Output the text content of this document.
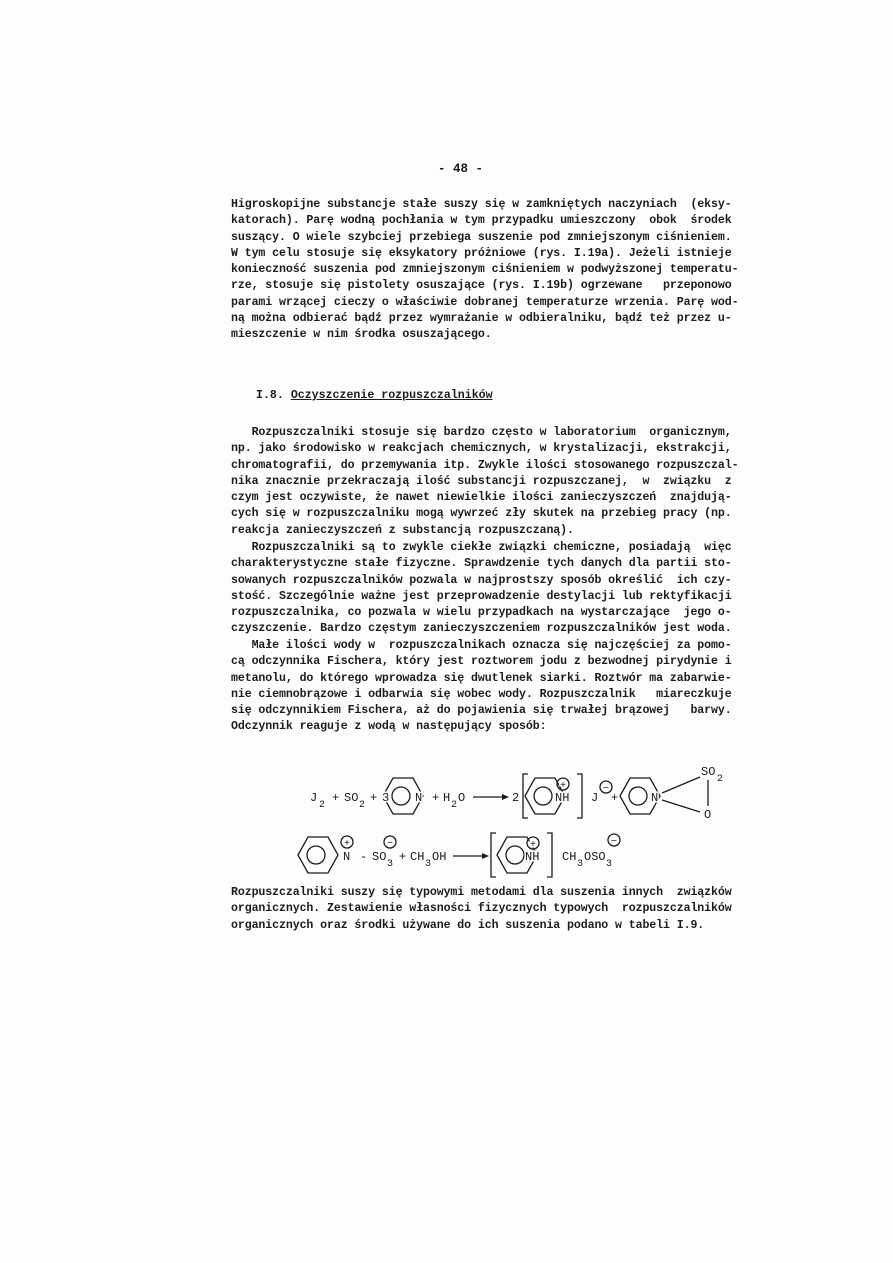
- 48 -
Higroskopijne substancje stałe suszy się w zamkniętych naczyniach  (eksy-
katorach). Parę wodną pochłania w tym przypadku umieszczony  obok  środek
suszący. O wiele szybciej przebiega suszenie pod zmniejszonym ciśnieniem.
W tym celu stosuje się eksykatory próżniowe (rys. I.19a). Jeżeli istnieje
konieczność suszenia pod zmniejszonym ciśnieniem w podwyższonej temperatu-
rze, stosuje się pistolety osuszające (rys. I.19b) ogrzewane   przeponowo
parami wrzącej cieczy o właściwie dobranej temperaturze wrzenia. Parę wod-
ną można odbierać bądź przez wymrażanie w odbieralniku, bądź też przez u-
mieszczenie w nim środka osuszającego.
I.8. Oczyszczenie rozpuszczalników
Rozpuszczalniki stosuje się bardzo często w laboratorium  organicznym,
np. jako środowisko w reakcjach chemicznych, w krystalizacji, ekstrakcji,
chromatografii, do przemywania itp. Zwykle ilości stosowanego rozpuszczal-
nika znacznie przekraczają ilość substancji rozpuszczanej,  w  związku  z
czym jest oczywiste, że nawet niewielkie ilości zanieczyszczeń  znajdują-
cych się w rozpuszczalniku mogą wywrzeć zły skutek na przebieg pracy (np.
reakcja zanieczyszczeń z substancją rozpuszczaną).
Rozpuszczalniki są to zwykle ciekłe związki chemiczne, posiadają  więc
charakterystyczne stałe fizyczne. Sprawdzenie tych danych dla partii sto-
sowanych rozpuszczalników pozwala w najprostszy sposób określić  ich czy-
stość. Szczególnie ważne jest przeprowadzenie destylacji lub rektyfikacji
rozpuszczalnika, co pozwala w wielu przypadkach na wystarczające  jego o-
czyszczenie. Bardzo częstym zanieczyszczeniem rozpuszczalników jest woda.
Małe ilości wody w  rozpuszczalnikach oznacza się najczęściej za pomo-
cą odczynnika Fischera, który jest roztworem jodu z bezwodnej pirydynie i
metanolu, do którego wprowadza się dwutlenek siarki. Roztwór ma zabarwie-
nie ciemnobrązowe i odbarwia się wobec wody. Rozpuszczalnik   miareczkuje
się odczynnikiem Fischera, aż do pojawienia się trwałej brązowej   barwy.
Odczynnik reaguje z wodą w następujący sposób:
J
2
+ SO
2
+ 3 N + H
2
O	2	NH
+
J
−
+	N
SO
2
O
N
+
- SO
3
−
+ CH
3
OH	NH
+
CH
3
OSO
3
−
Rozpuszczalniki suszy się typowymi metodami dla suszenia innych  związków
organicznych. Zestawienie własności fizycznych typowych  rozpuszczalników
organicznych oraz środki używane do ich suszenia podano w tabeli I.9.
